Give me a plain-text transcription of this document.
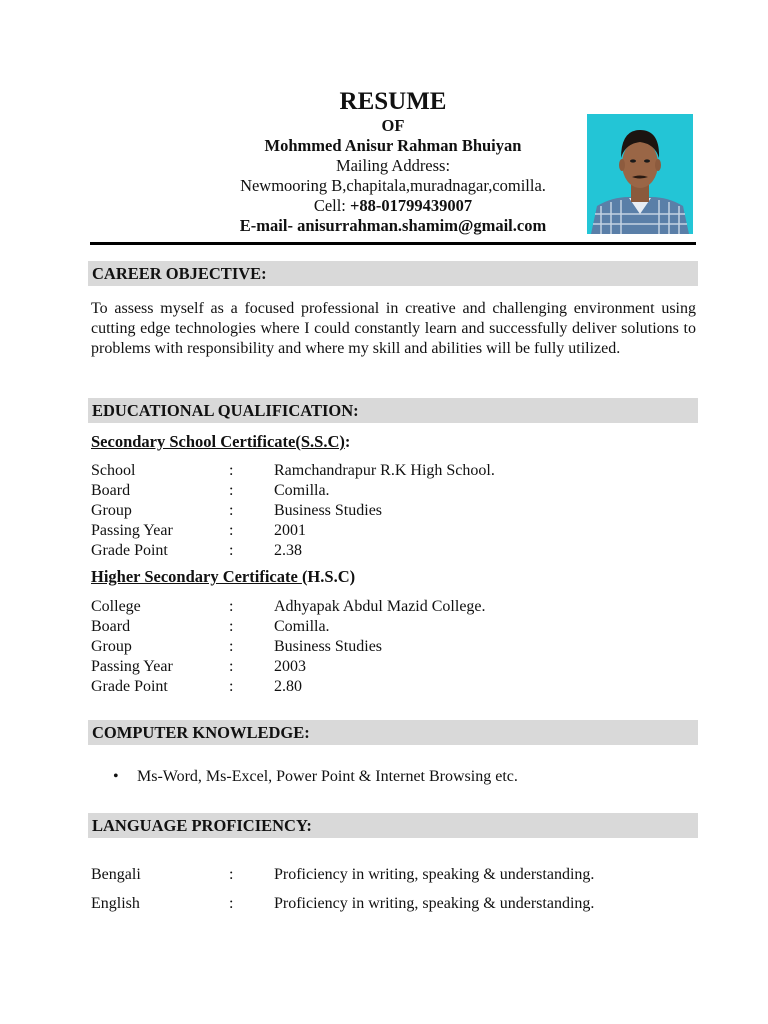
RESUME
OF
Mohmmed Anisur Rahman Bhuiyan
Mailing Address:
Newmooring B,chapitala,muradnagar,comilla.
Cell: +88-01799439007
E-mail- anisurrahman.shamim@gmail.com
CAREER OBJECTIVE:
To assess myself as a focused professional in creative and challenging environment using cutting edge technologies where I could constantly learn and successfully deliver solutions to problems with responsibility and where my skill and abilities will be fully utilized.
EDUCATIONAL QUALIFICATION:
Secondary School Certificate(S.S.C):
School	:	Ramchandrapur R.K High School.
Board	:	Comilla.
Group	:	Business Studies
Passing Year	:	2001
Grade Point	:	2.38
Higher Secondary Certificate (H.S.C)
College	:	Adhyapak Abdul Mazid College.
Board	:	Comilla.
Group	:	Business Studies
Passing Year	:	2003
Grade Point	:	2.80
COMPUTER KNOWLEDGE:
• Ms-Word, Ms-Excel, Power Point & Internet Browsing etc.
LANGUAGE PROFICIENCY:
Bengali	:	Proficiency in writing, speaking & understanding.
English	:	Proficiency in writing, speaking & understanding.
